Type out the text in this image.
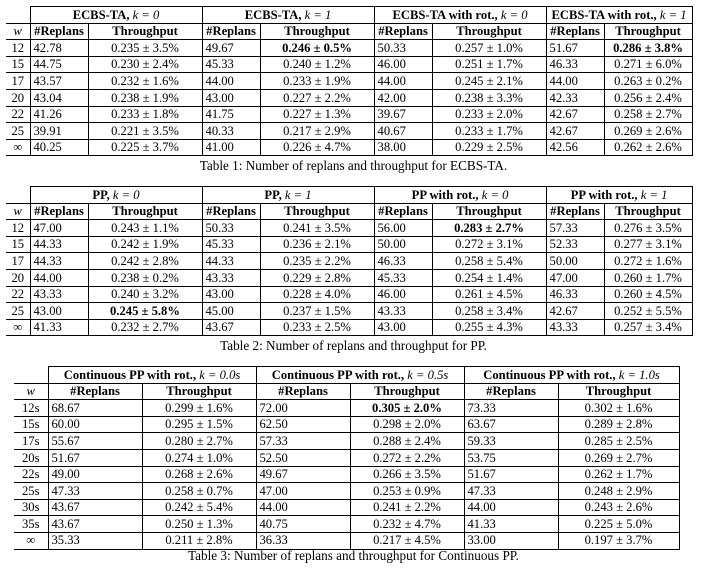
	ECBS-TA, k = 0		ECBS-TA, k = 1		ECBS-TA with rot., k = 0		ECBS-TA with rot., k = 1	
w	#Replans	Throughput	#Replans	Throughput	#Replans	Throughput	#Replans	Throughput
12	42.78	0.235 ± 3.5%	49.67	0.246 ± 0.5%	50.33	0.257 ± 1.0%	51.67	0.286 ± 3.8%
15	44.75	0.230 ± 2.4%	45.33	0.240 ± 1.2%	46.00	0.251 ± 1.7%	46.33	0.271 ± 6.0%
17	43.57	0.232 ± 1.6%	44.00	0.233 ± 1.9%	44.00	0.245 ± 2.1%	44.00	0.263 ± 0.2%
20	43.04	0.238 ± 1.9%	43.00	0.227 ± 2.2%	42.00	0.238 ± 3.3%	42.33	0.256 ± 2.4%
22	41.26	0.233 ± 1.8%	41.75	0.227 ± 1.3%	39.67	0.233 ± 2.0%	42.67	0.258 ± 2.7%
25	39.91	0.221 ± 3.5%	40.33	0.217 ± 2.9%	40.67	0.233 ± 1.7%	42.67	0.269 ± 2.6%
∞	40.25	0.225 ± 3.7%	41.00	0.226 ± 4.7%	38.00	0.229 ± 2.5%	42.56	0.262 ± 2.6%
Table 1: Number of replans and throughput for ECBS-TA.
	PP, k = 0		PP, k = 1		PP with rot., k = 0		PP with rot., k = 1	
w	#Replans	Throughput	#Replans	Throughput	#Replans	Throughput	#Replans	Throughput
12	47.00	0.243 ± 1.1%	50.33	0.241 ± 3.5%	56.00	0.283 ± 2.7%	57.33	0.276 ± 3.5%
15	44.33	0.242 ± 1.9%	45.33	0.236 ± 2.1%	50.00	0.272 ± 3.1%	52.33	0.277 ± 3.1%
17	44.33	0.242 ± 2.8%	44.33	0.235 ± 2.2%	46.33	0.258 ± 5.4%	50.00	0.272 ± 1.6%
20	44.00	0.238 ± 0.2%	43.33	0.229 ± 2.8%	45.33	0.254 ± 1.4%	47.00	0.260 ± 1.7%
22	43.33	0.240 ± 3.2%	43.00	0.228 ± 4.0%	46.00	0.261 ± 4.5%	46.33	0.260 ± 4.5%
25	43.00	0.245 ± 5.8%	45.00	0.237 ± 1.5%	43.33	0.258 ± 3.4%	42.67	0.252 ± 5.5%
∞	41.33	0.232 ± 2.7%	43.67	0.233 ± 2.5%	43.00	0.255 ± 4.3%	43.33	0.257 ± 3.4%
Table 2: Number of replans and throughput for PP.
	Continuous PP with rot., k = 0.0s		Continuous PP with rot., k = 0.5s		Continuous PP with rot., k = 1.0s	
w	#Replans	Throughput	#Replans	Throughput	#Replans	Throughput
12s	68.67	0.299 ± 1.6%	72.00	0.305 ± 2.0%	73.33	0.302 ± 1.6%
15s	60.00	0.295 ± 1.5%	62.50	0.298 ± 2.0%	63.67	0.289 ± 2.8%
17s	55.67	0.280 ± 2.7%	57.33	0.288 ± 2.4%	59.33	0.285 ± 2.5%
20s	51.67	0.274 ± 1.0%	52.50	0.272 ± 2.2%	53.75	0.269 ± 2.7%
22s	49.00	0.268 ± 2.6%	49.67	0.266 ± 3.5%	51.67	0.262 ± 1.7%
25s	47.33	0.258 ± 0.7%	47.00	0.253 ± 0.9%	47.33	0.248 ± 2.9%
30s	43.67	0.242 ± 5.4%	44.00	0.241 ± 2.2%	44.00	0.243 ± 2.6%
35s	43.67	0.250 ± 1.3%	40.75	0.232 ± 4.7%	41.33	0.225 ± 5.0%
∞	35.33	0.211 ± 2.8%	36.33	0.217 ± 4.5%	33.00	0.197 ± 3.7%
Table 3: Number of replans and throughput for Continuous PP.
